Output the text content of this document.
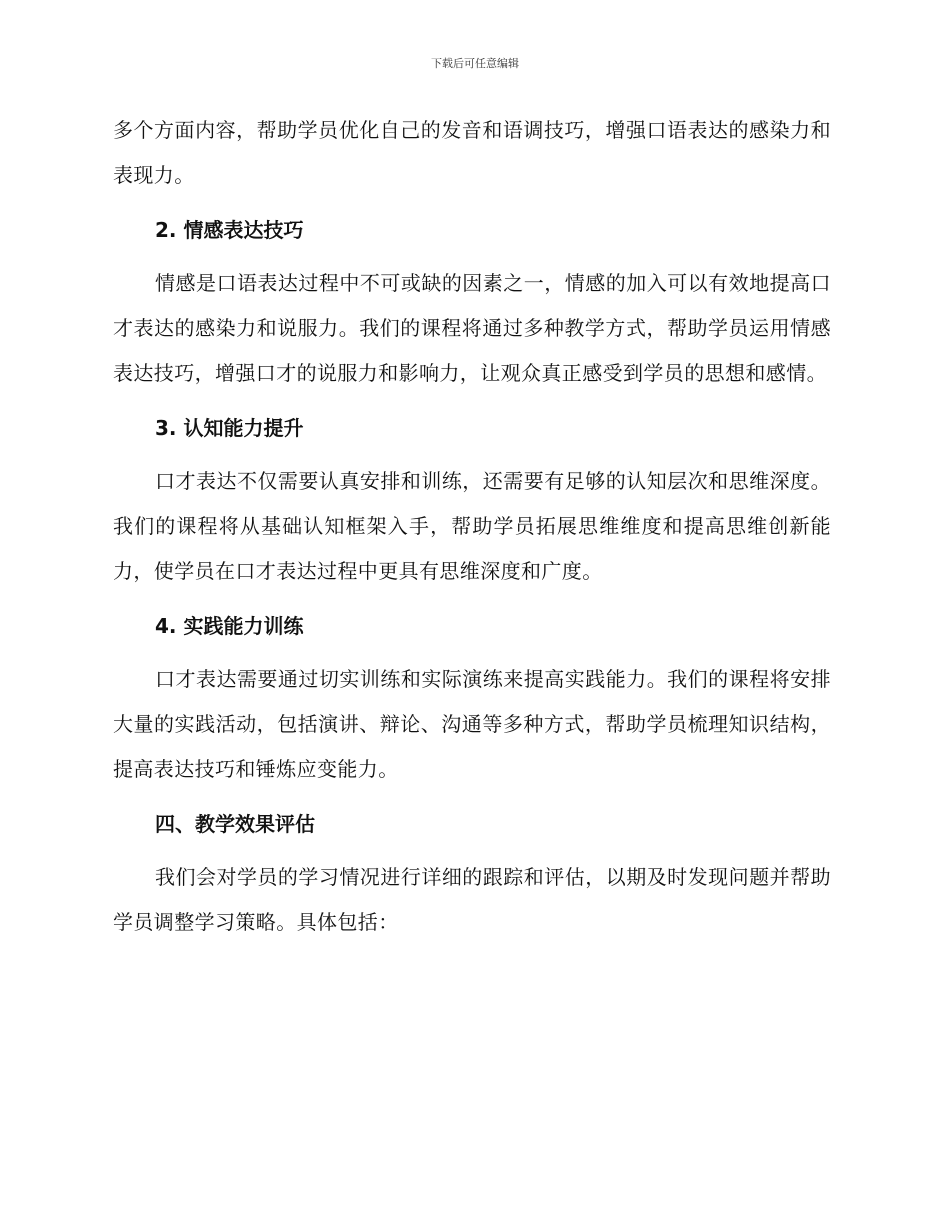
下载后可任意编辑

多个方面内容，帮助学员优化自己的发音和语调技巧，增强口语表达的感染力和表现力。

2. 情感表达技巧

情感是口语表达过程中不可或缺的因素之一，情感的加入可以有效地提高口才表达的感染力和说服力。我们的课程将通过多种教学方式，帮助学员运用情感表达技巧，增强口才的说服力和影响力，让观众真正感受到学员的思想和感情。

3. 认知能力提升

口才表达不仅需要认真安排和训练，还需要有足够的认知层次和思维深度。我们的课程将从基础认知框架入手，帮助学员拓展思维维度和提高思维创新能力，使学员在口才表达过程中更具有思维深度和广度。

4. 实践能力训练

口才表达需要通过切实训练和实际演练来提高实践能力。我们的课程将安排大量的实践活动，包括演讲、辩论、沟通等多种方式，帮助学员梳理知识结构，提高表达技巧和锤炼应变能力。

四、教学效果评估

我们会对学员的学习情况进行详细的跟踪和评估，以期及时发现问题并帮助学员调整学习策略。具体包括：
